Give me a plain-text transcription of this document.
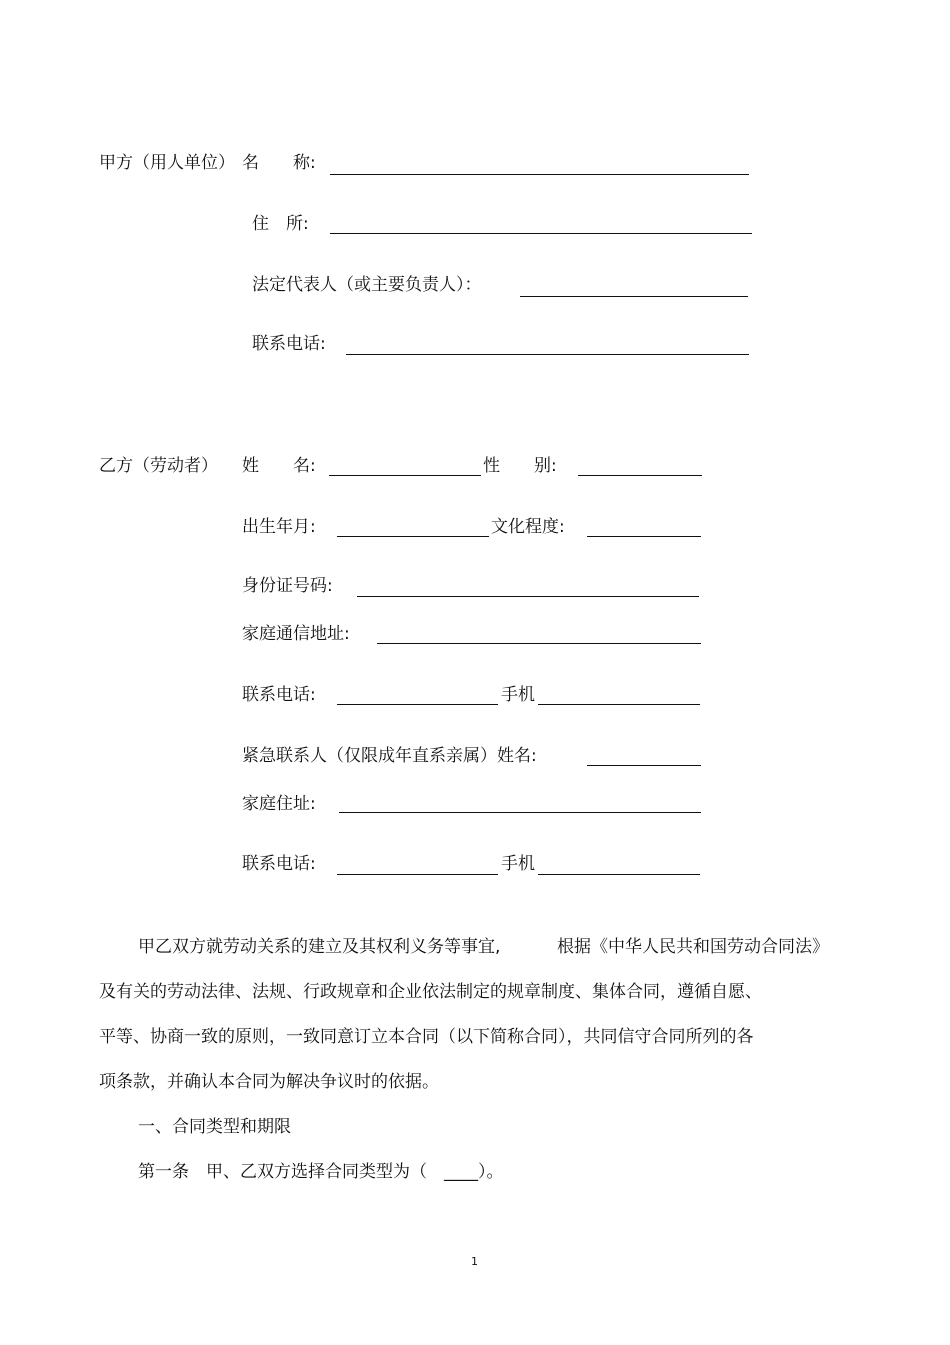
甲方（用人单位） 名　　称:
住　所:
法定代表人（或主要负责人）：
联系电话:
乙方（劳动者） 姓　　名:	性　　别:
出生年月:	文化程度:
身份证号码:
家庭通信地址:
联系电话:	手机
紧急联系人（仅限成年直系亲属）姓名:
家庭住址:
联系电话:	手机
甲乙双方就劳动关系的建立及其权利义务等事宜,	根据《中华人民共和国劳动合同法》
及有关的劳动法律、法规、行政规章和企业依法制定的规章制度、集体合同，遵循自愿、
平等、协商一致的原则，一致同意订立本合同（以下简称合同），共同信守合同所列的各
项条款，并确认本合同为解决争议时的依据。
一、合同类型和期限
第一条　甲、乙双方选择合同类型为（　____）。
1
